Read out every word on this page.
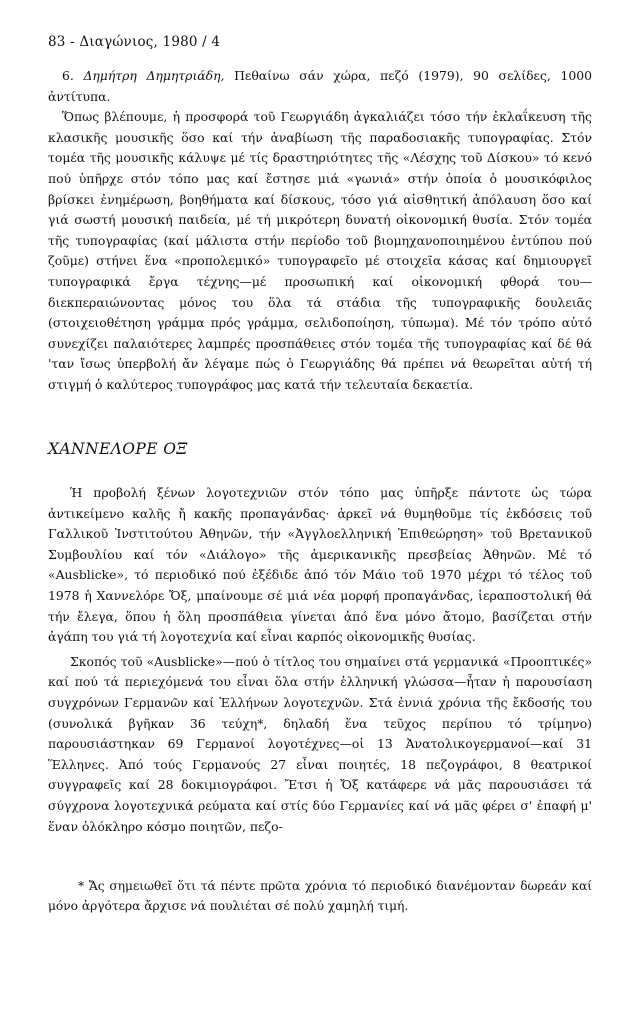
83 - Διαγώνιος, 1980 / 4

6. Δημήτρη Δημητριάδη, Πεθαίνω σάν χώρα, πεζό (1979), 90 σελίδες, 1000 ἀντίτυπα.

Ὅπως βλέπουμε, ἡ προσφορά τοῦ Γεωργιάδη ἀγκαλιάζει τόσο τήν ἐκλαΐκευση τῆς κλασικῆς μουσικῆς ὅσο καί τήν ἀναβίωση τῆς παραδοσιακῆς τυπογραφίας. Στόν τομέα τῆς μουσικῆς κάλυψε μέ τίς δραστηριότητες τῆς «Λέσχης τοῦ Δίσκου» τό κενό πού ὑπῆρχε στόν τόπο μας καί ἔστησε μιά «γωνιά» στήν ὁποία ὁ μουσικόφιλος βρίσκει ἐνημέρωση, βοηθήματα καί δίσκους, τόσο γιά αἰσθητική ἀπόλαυση ὅσο καί γιά σωστή μουσική παιδεία, μέ τή μικρότερη δυνατή οἰκονομική θυσία. Στόν τομέα τῆς τυπογραφίας (καί μάλιστα στήν περίοδο τοῦ βιομηχανοποιημένου ἐντύπου πού ζοῦμε) στήνει ἕνα «προπολεμικό» τυπογραφεῖο μέ στοιχεῖα κάσας καί δημιουργεῖ τυπογραφικά ἔργα τέχνης—μέ προσωπική καί οἰκονομική φθορά του—διεκπεραιώνοντας μόνος του ὅλα τά στάδια τῆς τυπογραφικῆς δουλειᾶς (στοιχειοθέτηση γράμμα πρός γράμμα, σελιδοποίηση, τύπωμα). Μέ τόν τρόπο αὐτό συνεχίζει παλαιότερες λαμπρές προσπάθειες στόν τομέα τῆς τυπογραφίας καί δέ θά 'ταν ἴσως ὑπερβολή ἄν λέγαμε πώς ὁ Γεωργιάδης θά πρέπει νά θεωρεῖται αὐτή τή στιγμή ὁ καλύτερος τυπογράφος μας κατά τήν τελευταία δεκαετία.

ΧΑΝΝΕΛΟΡΕ ΟΞ

Ἡ προβολή ξένων λογοτεχνιῶν στόν τόπο μας ὑπῆρξε πάντοτε ὡς τώρα ἀντικείμενο καλῆς ἤ κακῆς προπαγάνδας· ἀρκεῖ νά θυμηθοῦμε τίς ἐκδόσεις τοῦ Γαλλικοῦ Ἰνστιτούτου Ἀθηνῶν, τήν «Ἀγγλοελληνική Ἐπιθεώρηση» τοῦ Βρετανικοῦ Συμβουλίου καί τόν «Διάλογο» τῆς ἀμερικανικῆς πρεσβείας Ἀθηνῶν. Μέ τό «Ausblicke», τό περιοδικό πού ἐξέδιδε ἀπό τόν Μάιο τοῦ 1970 μέχρι τό τέλος τοῦ 1978 ἡ Χαννελόρε Ὄξ, μπαίνουμε σέ μιά νέα μορφή προπαγάνδας, ἱεραποστολική θά τήν ἔλεγα, ὅπου ἡ ὅλη προσπάθεια γίνεται ἀπό ἕνα μόνο ἄτομο, βασίζεται στήν ἀγάπη του γιά τή λογοτεχνία καί εἶναι καρπός οἰκονομικῆς θυσίας.

Σκοπός τοῦ «Ausblicke»—πού ὁ τίτλος του σημαίνει στά γερμανικά «Προοπτικές» καί πού τά περιεχόμενά του εἶναι ὅλα στήν ἑλληνική γλώσσα—ἦταν ἡ παρουσίαση συγχρόνων Γερμανῶν καί Ἑλλήνων λογοτεχνῶν. Στά ἐννιά χρόνια τῆς ἔκδοσής του (συνολικά βγῆκαν 36 τεύχη*, δηλαδή ἕνα τεῦχος περίπου τό τρίμηνο) παρουσιάστηκαν 69 Γερμανοί λογοτέχνες—οἱ 13 Ἀνατολικογερμανοί—καί 31 Ἕλληνες. Ἀπό τούς Γερμανούς 27 εἶναι ποιητές, 18 πεζογράφοι, 8 θεατρικοί συγγραφεῖς καί 28 δοκιμιογράφοι. Ἔτσι ἡ Ὄξ κατάφερε νά μᾶς παρουσιάσει τά σύγχρονα λογοτεχνικά ρεύματα καί στίς δύο Γερμανίες καί νά μᾶς φέρει σ' ἐπαφή μ' ἕναν ὁλόκληρο κόσμο ποιητῶν, πεζο-

* Ἄς σημειωθεῖ ὅτι τά πέντε πρῶτα χρόνια τό περιοδικό διανέμονταν δωρεάν καί μόνο ἀργότερα ἄρχισε νά πουλιέται σέ πολύ χαμηλή τιμή.
